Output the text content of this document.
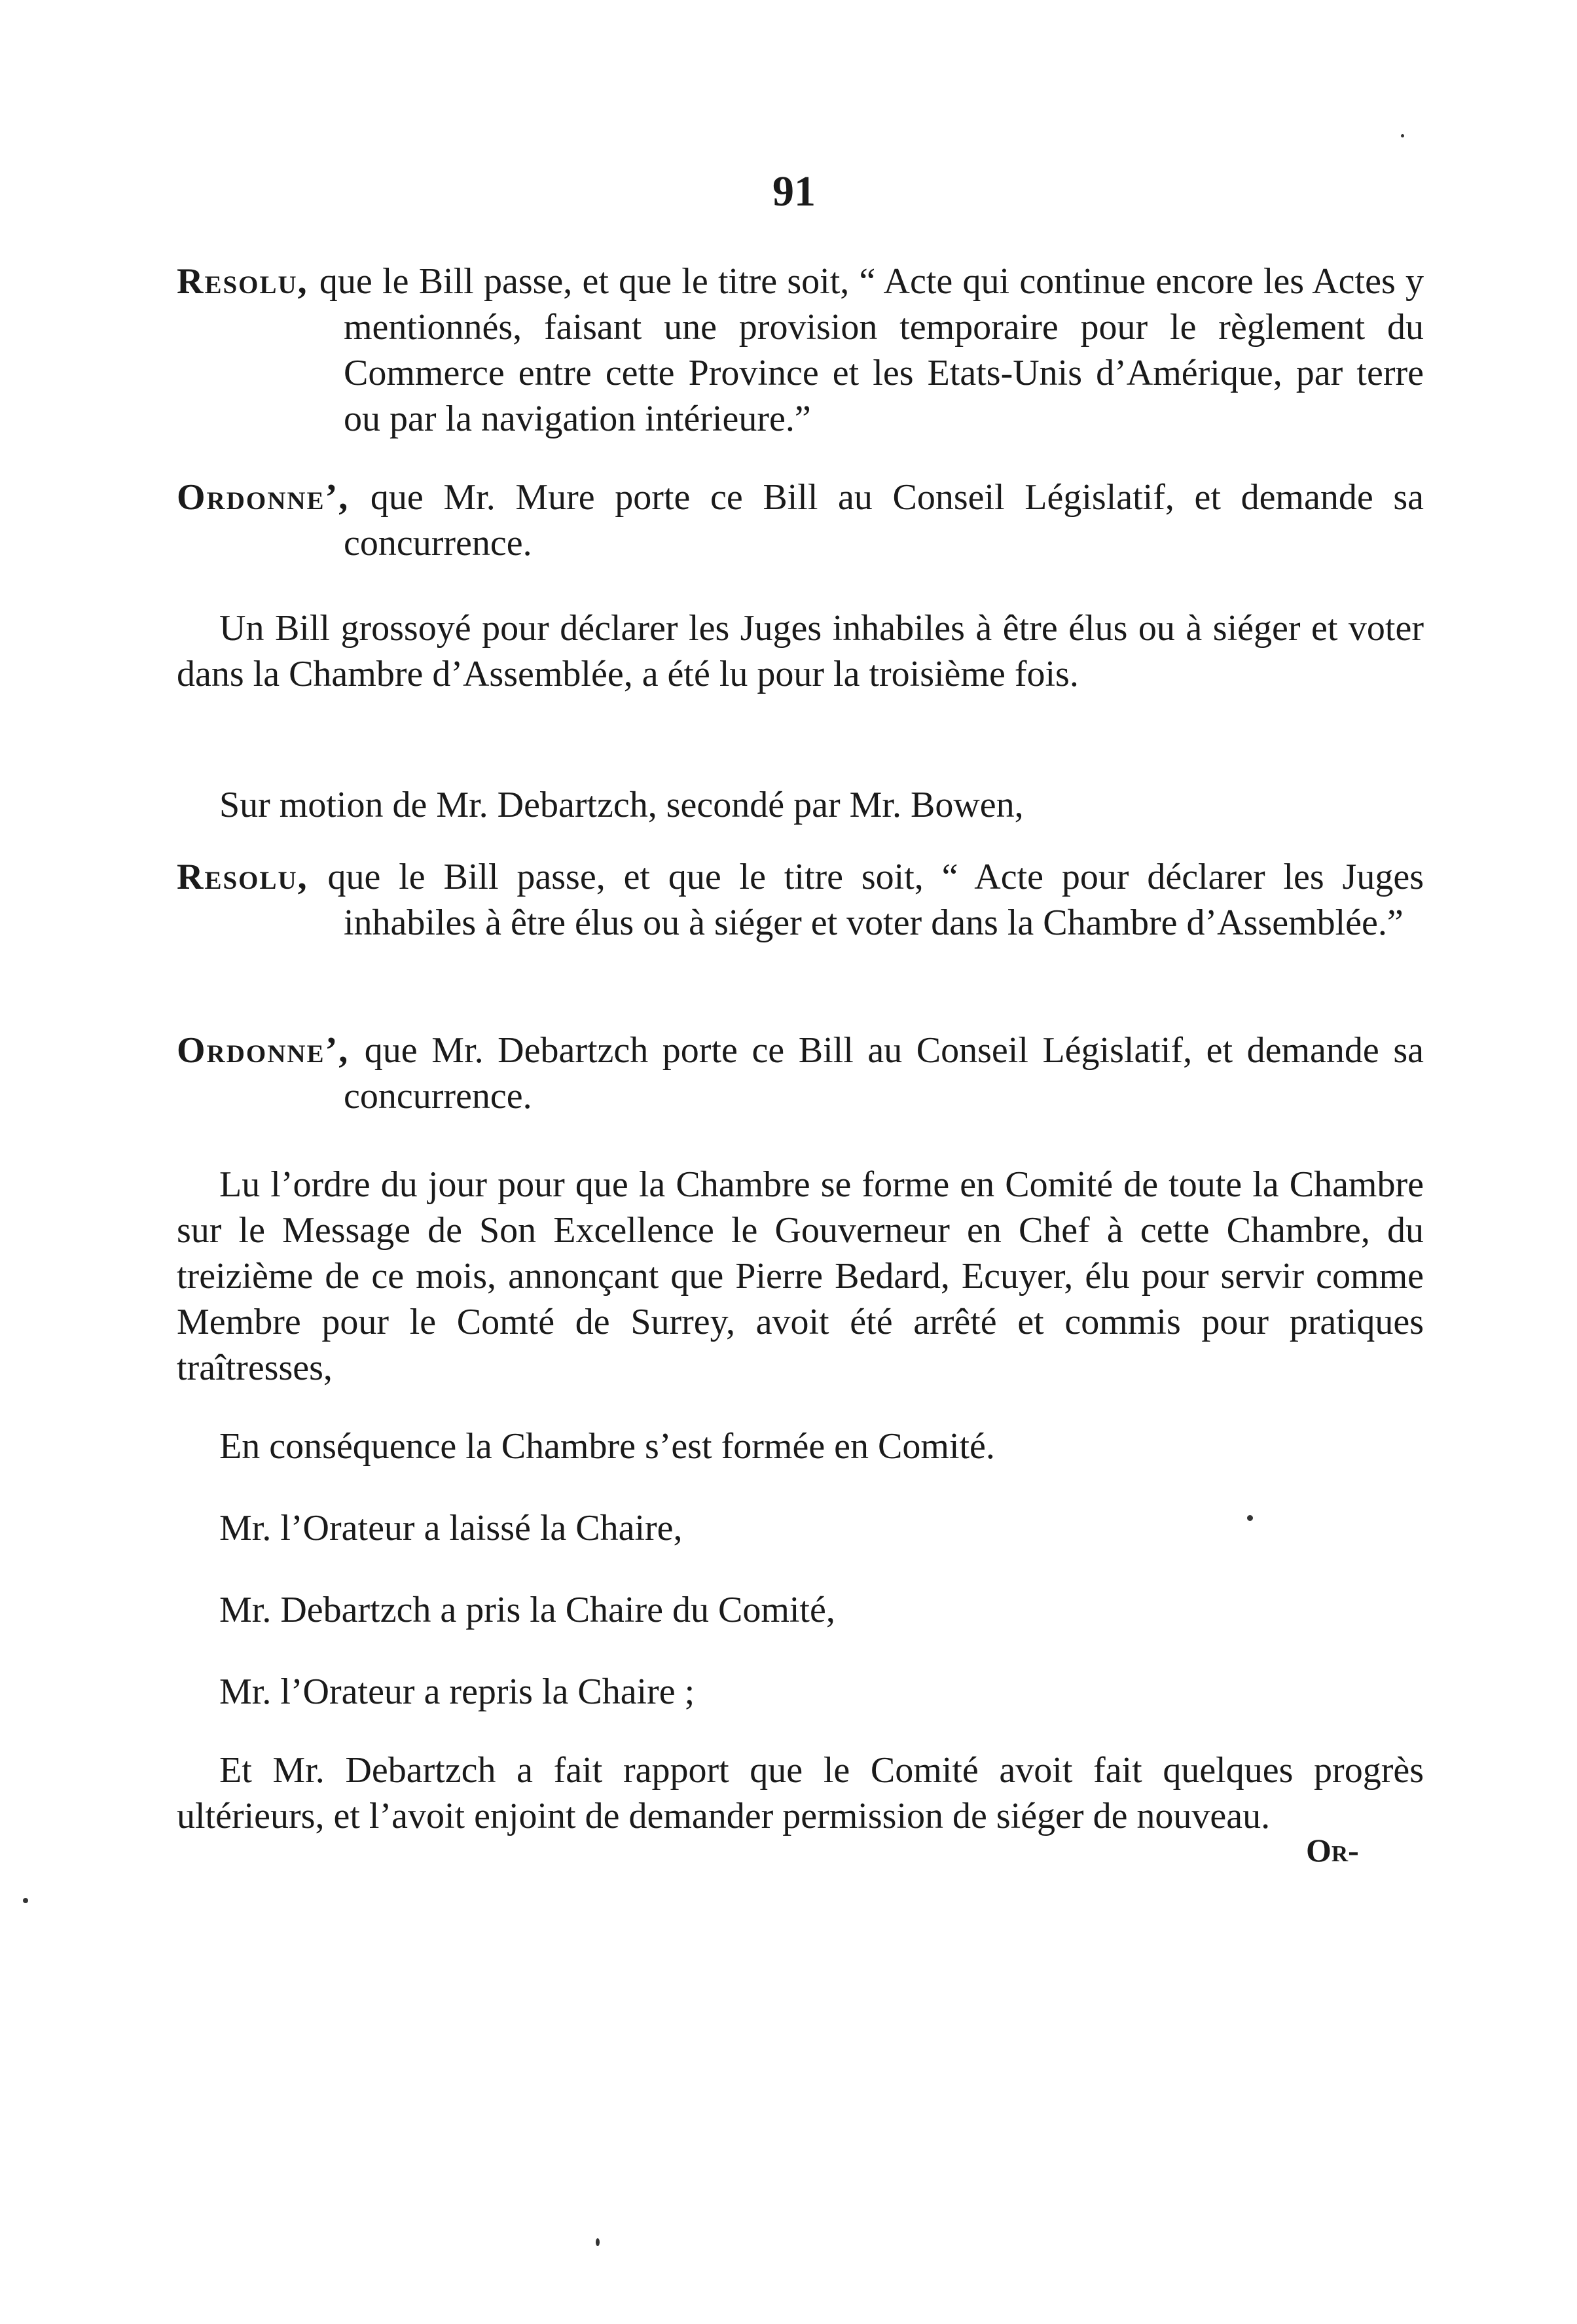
91
Resolu, que le Bill passe, et que le titre soit, “ Acte qui continue encore les Actes y mentionnés, faisant une provision temporaire pour le règlement du Commerce entre cette Province et les Etats-Unis d’Amérique, par terre ou par la navigation intérieure.”
Ordonne’, que Mr. Mure porte ce Bill au Conseil Législatif, et demande sa concurrence.
Un Bill grossoyé pour déclarer les Juges inhabiles à être élus ou à siéger et voter dans la Chambre d’Assemblée, a été lu pour la troisième fois.
Sur motion de Mr. Debartzch, secondé par Mr. Bowen,
Resolu, que le Bill passe, et que le titre soit, “ Acte pour déclarer les Juges inhabiles à être élus ou à siéger et voter dans la Chambre d’Assemblée.”
Ordonne’, que Mr. Debartzch porte ce Bill au Conseil Législatif, et demande sa concurrence.
Lu l’ordre du jour pour que la Chambre se forme en Comité de toute la Chambre sur le Message de Son Excellence le Gouverneur en Chef à cette Chambre, du treizième de ce mois, annonçant que Pierre Bedard, Ecuyer, élu pour servir comme Membre pour le Comté de Surrey, avoit été arrêté et commis pour pratiques traîtresses,
En conséquence la Chambre s’est formée en Comité.
Mr. l’Orateur a laissé la Chaire,
Mr. Debartzch a pris la Chaire du Comité,
Mr. l’Orateur a repris la Chaire ;
Et Mr. Debartzch a fait rapport que le Comité avoit fait quelques progrès ultérieurs, et l’avoit enjoint de demander permission de siéger de nouveau.
Or-
